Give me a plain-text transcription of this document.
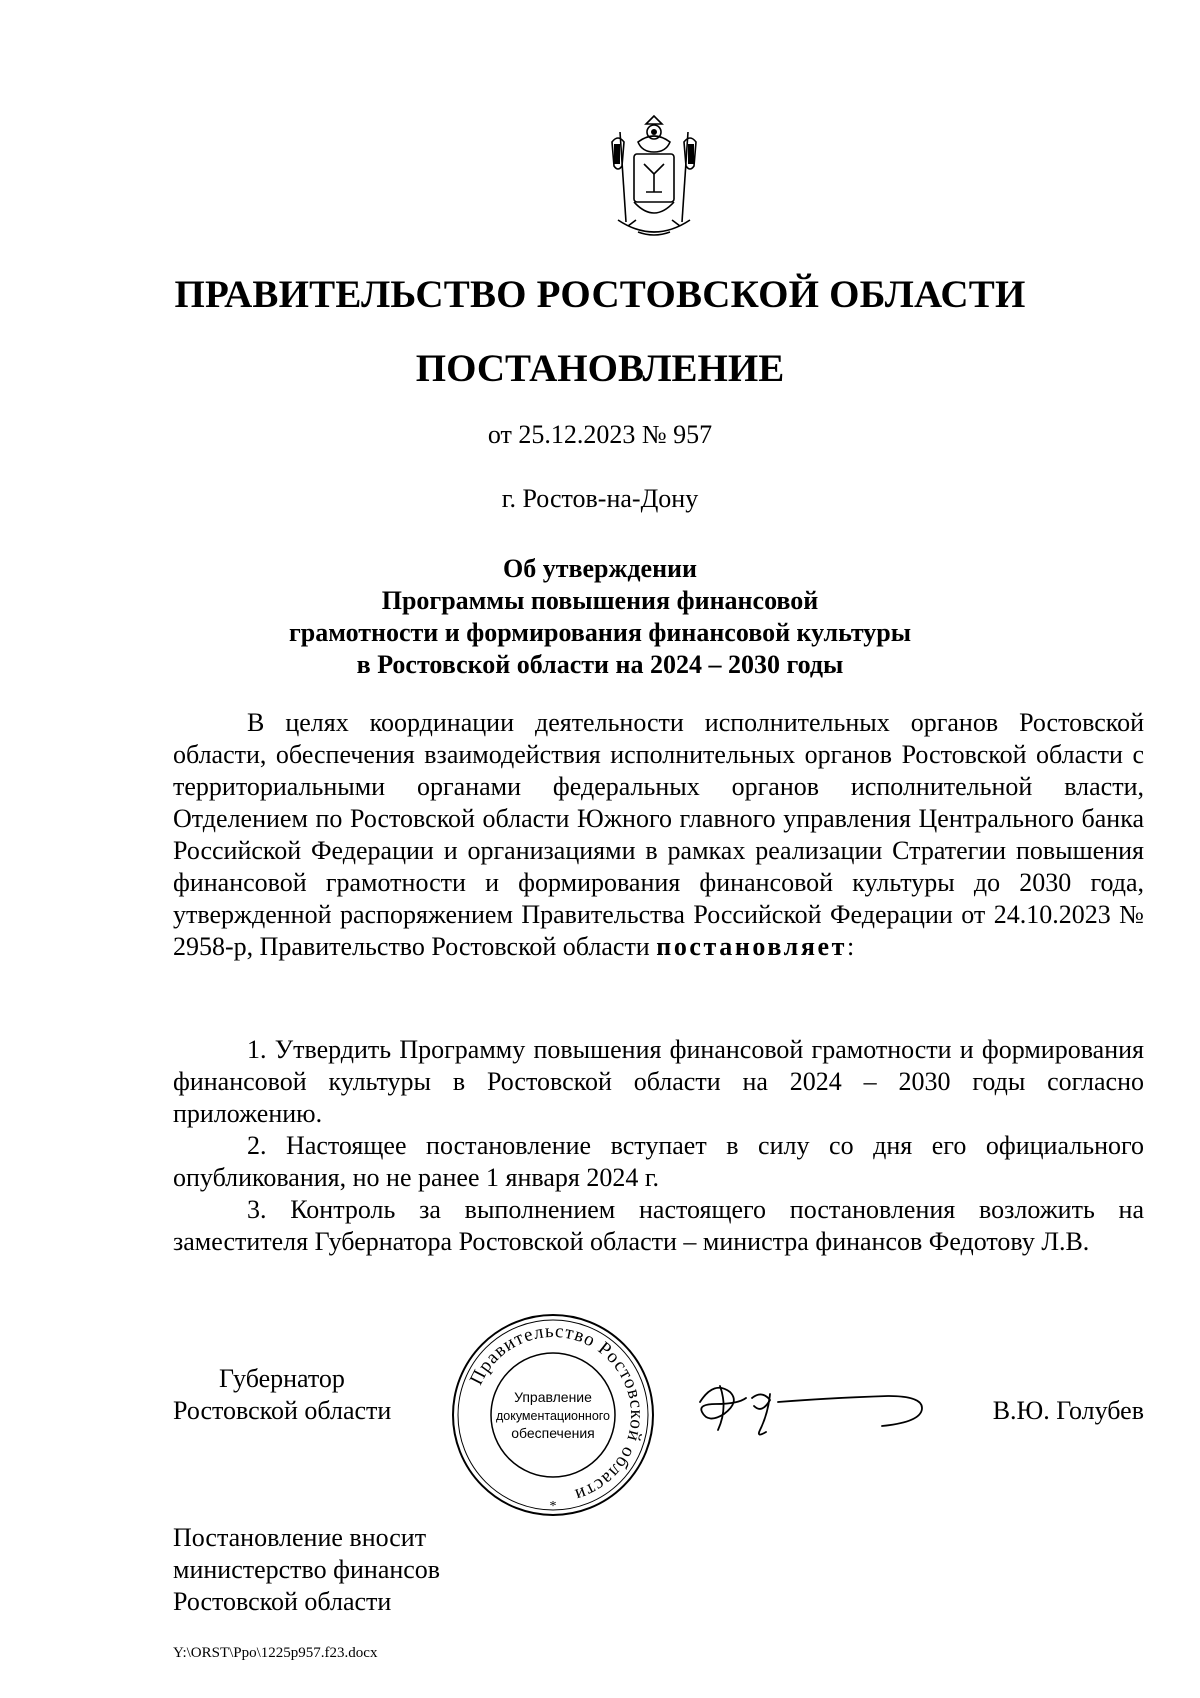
ПРАВИТЕЛЬСТВО РОСТОВСКОЙ ОБЛАСТИ
ПОСТАНОВЛЕНИЕ
от 25.12.2023 № 957
г. Ростов-на-Дону
Об утверждении
Программы повышения финансовой
грамотности и формирования финансовой культуры
в Ростовской области на 2024 – 2030 годы
В целях координации деятельности исполнительных органов Ростовской области, обеспечения взаимодействия исполнительных органов Ростовской области с территориальными органами федеральных органов исполнительной власти, Отделением по Ростовской области Южного главного управления Центрального банка Российской Федерации и организациями в рамках реализации Стратегии повышения финансовой грамотности и формирования финансовой культуры до 2030 года, утвержденной распоряжением Правительства Российской Федерации от 24.10.2023 № 2958-р, Правительство Ростовской области постановляет:

1. Утвердить Программу повышения финансовой грамотности и формирования финансовой культуры в Ростовской области на 2024 – 2030 годы согласно приложению.

2. Настоящее постановление вступает в силу со дня его официального опубликования, но не ранее 1 января 2024 г.

3. Контроль за выполнением настоящего постановления возложить на заместителя Губернатора Ростовской области – министра финансов Федотову Л.В.

Губернатор
Ростовской области
Правительство Ростовской области
Управление
документационного
обеспечения
*
В.Ю. Голубев
Постановление вносит
министерство финансов
Ростовской области
Y:\ORST\Ppo\1225p957.f23.docx
